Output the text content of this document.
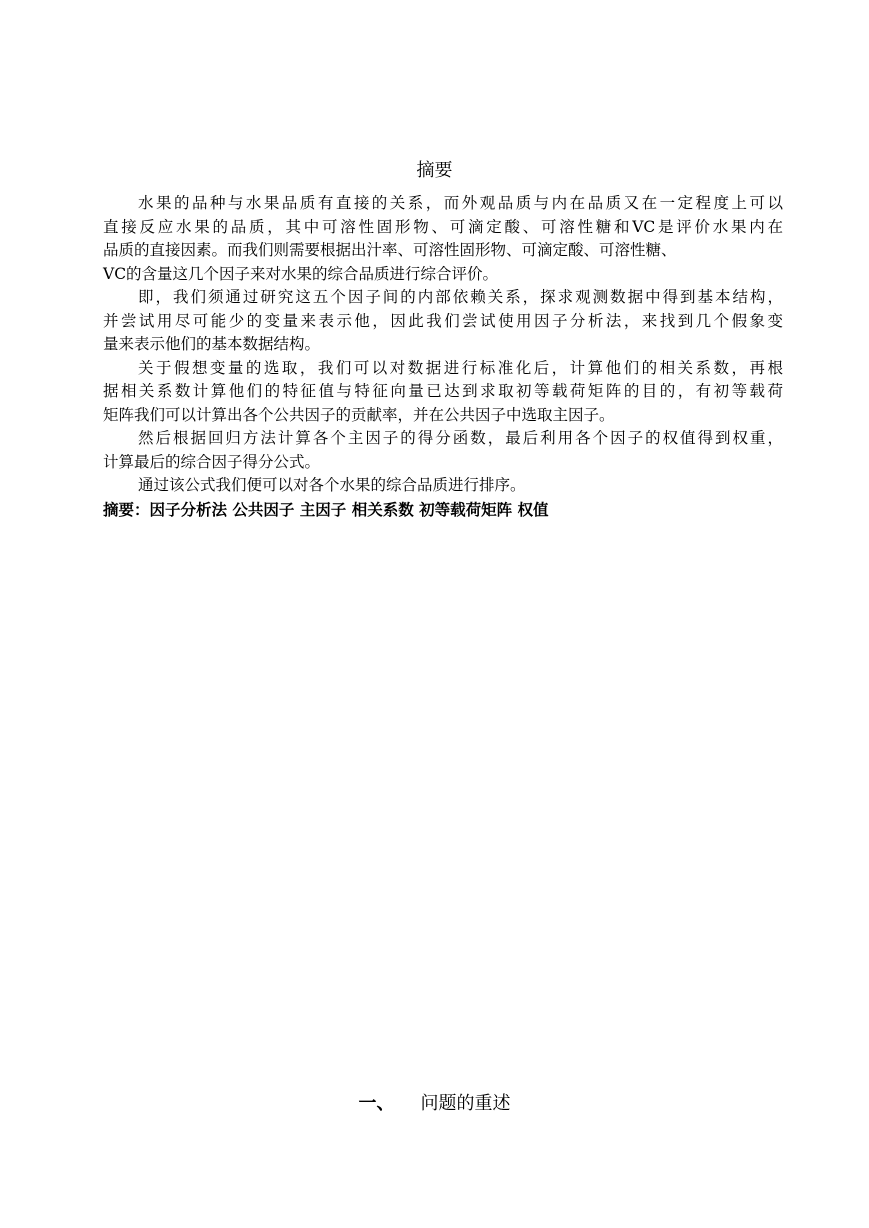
摘要

水果的品种与水果品质有直接的关系，而外观品质与内在品质又在一定程度上可以
直接反应水果的品质，其中可溶性固形物、可滴定酸、可溶性糖和VC是评价水果内在
品质的直接因素。而我们则需要根据出汁率、可溶性固形物、可滴定酸、可溶性糖、
VC的含量这几个因子来对水果的综合品质进行综合评价。

即，我们须通过研究这五个因子间的内部依赖关系，探求观测数据中得到基本结构，
并尝试用尽可能少的变量来表示他，因此我们尝试使用因子分析法，来找到几个假象变
量来表示他们的基本数据结构。

关于假想变量的选取，我们可以对数据进行标准化后，计算他们的相关系数，再根
据相关系数计算他们的特征值与特征向量已达到求取初等载荷矩阵的目的，有初等载荷
矩阵我们可以计算出各个公共因子的贡献率，并在公共因子中选取主因子。

然后根据回归方法计算各个主因子的得分函数，最后利用各个因子的权值得到权重，
计算最后的综合因子得分公式。

通过该公式我们便可以对各个水果的综合品质进行排序。

摘要：因子分析法 公共因子 主因子 相关系数 初等载荷矩阵 权值

一、 问题的重述
